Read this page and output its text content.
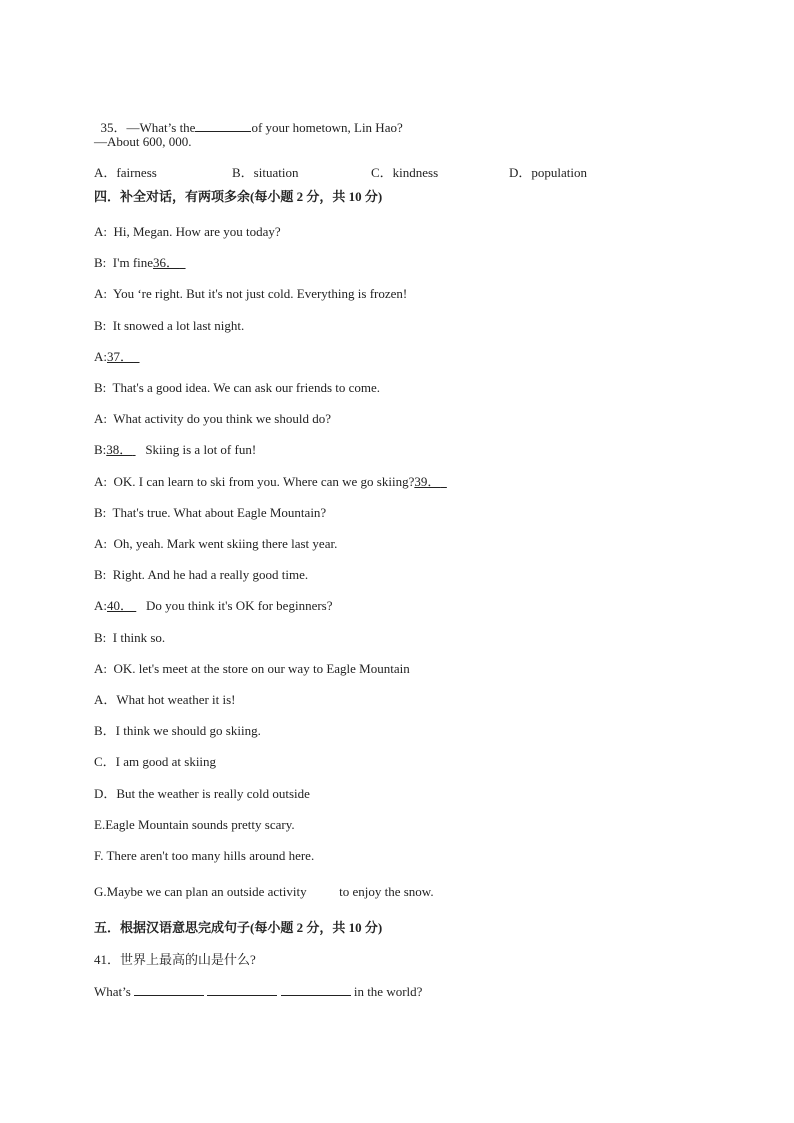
35．—What’s the	of your hometown, Lin Hao?

—About 600, 000.
A．fairness	B．situation	C．kindness	D．population
四．补全对话，有两项多余(每小题 2 分，共 10 分)
A:  Hi, Megan. How are you today?
B:  I'm fine36．
A:  You ‘re right. But it's not just cold. Everything is frozen!
B:  It snowed a lot last night.
A:37．
B:  That's a good idea. We can ask our friends to come.
A:  What activity do you think we should do?
B:38．    Skiing is a lot of fun!
A:  OK. I can learn to ski from you. Where can we go skiing?39．
B:  That's true. What about Eagle Mountain?
A:  Oh, yeah. Mark went skiing there last year.
B:  Right. And he had a really good time.
A:40．    Do you think it's OK for beginners?
B:  I think so.
A:  OK. let's meet at the store on our way to Eagle Mountain
A．What hot weather it is!
B．I think we should go skiing.
C．I am good at skiing
D．But the weather is really cold outside
E.Eagle Mountain sounds pretty scary.
F. There aren't too many hills around here.
G.Maybe we can plan an outside activity          to enjoy the snow.
五．根据汉语意思完成句子(每小题 2 分，共 10 分)
41．世界上最高的山是什么?
What’s	in the world?
